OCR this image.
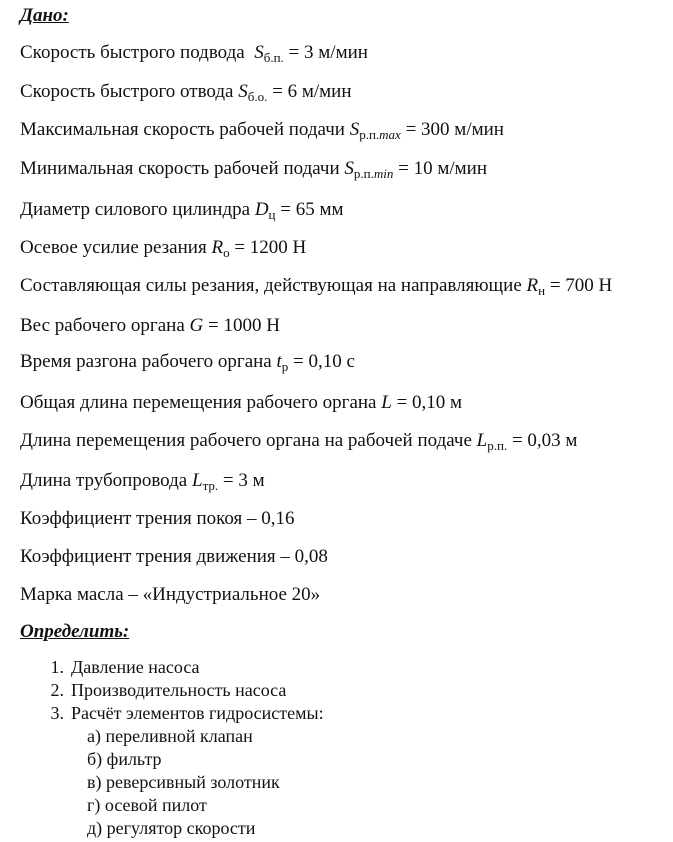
Дано:
Скорость быстрого подвода $S_{б.п.} = 3$ м/мин
Скорость быстрого отвода $S_{б.о.} = 6$ м/мин
Максимальная скорость рабочей подачи $S_{р.п.max} = 300$ м/мин
Минимальная скорость рабочей подачи $S_{р.п.min} = 10$ м/мин
Диаметр силового цилиндра $D_ц = 65$ мм
Осевое усилие резания $R_о = 1200$ Н
Составляющая силы резания, действующая на направляющие $R_н = 700$ Н
Вес рабочего органа G = 1000 Н
Время разгона рабочего органа $t_р = 0,10$ с
Общая длина перемещения рабочего органа L = 0,10 м
Длина перемещения рабочего органа на рабочей подаче $L_{р.п.} = 0,03$ м
Длина трубопровода $L_{тр.} = 3$ м
Коэффициент трения покоя – 0,16
Коэффициент трения движения – 0,08
Марка масла – «Индустриальное 20»
Определить:
1. Давление насоса
2. Производительность насоса
3. Расчёт элементов гидросистемы:
а) переливной клапан
б) фильтр
в) реверсивный золотник
г) осевой пилот
д) регулятор скорости
